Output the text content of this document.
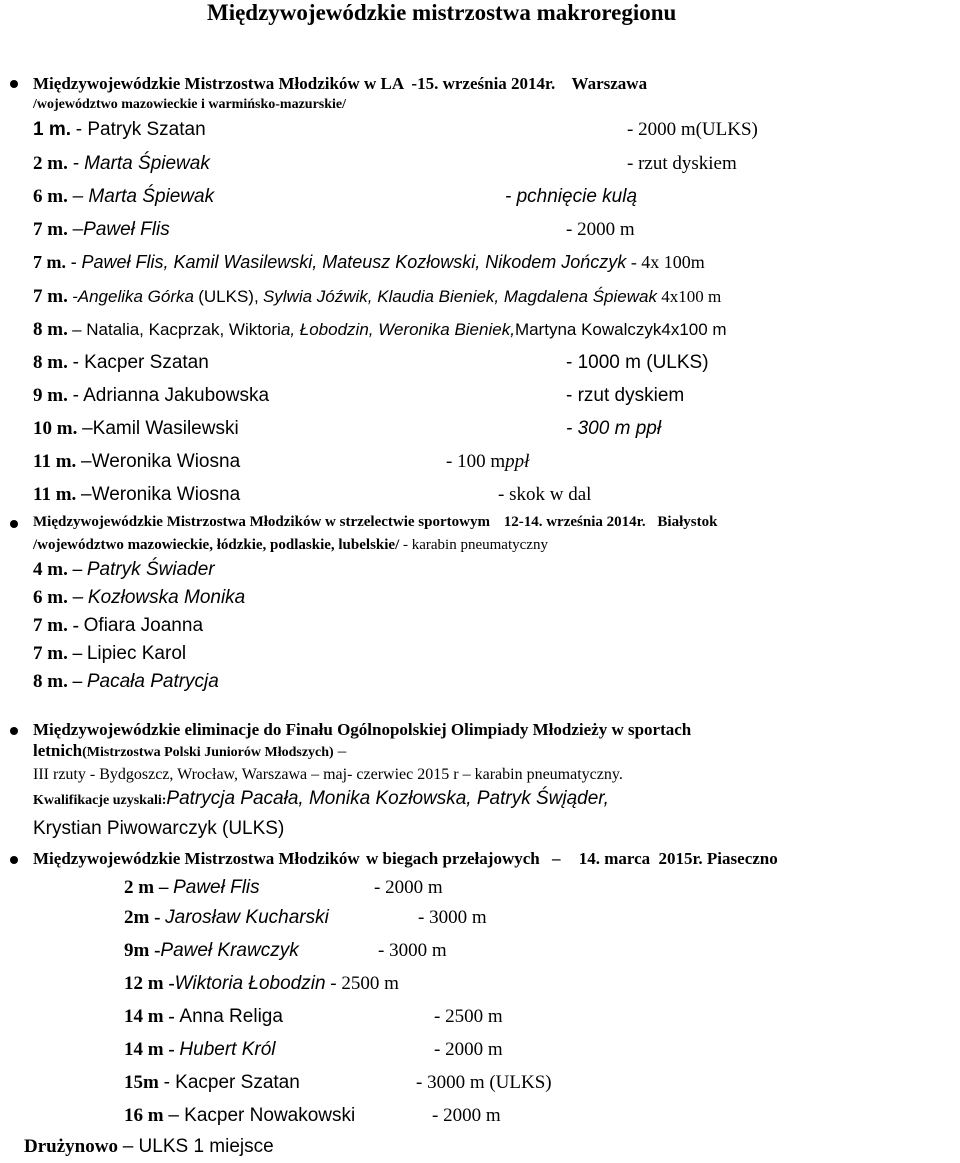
Międzywojewódzkie mistrzostwa makroregionu
Międzywojewódzkie Mistrzostwa Młodzików w LA -15. września 2014r. Warszawa
/województwo mazowieckie i warmińsko-mazurskie/
1 m. - Patryk Szatan	- 2000 m(ULKS)
2 m. - Marta Śpiewak	- rzut dyskiem
6 m. – Marta Śpiewak	- pchnięcie kulą
7 m. –Paweł Flis	- 2000 m
7 m. - Paweł Flis, Kamil Wasilewski, Mateusz Kozłowski, Nikodem Jończyk - 4x 100m
7 m. -Angelika Górka (ULKS), Sylwia Jóźwik, Klaudia Bieniek, Magdalena Śpiewak 4x100 m
8 m. – Natalia, Kacprzak, Wiktoria, Łobodzin, Weronika Bieniek,Martyna Kowalczyk4x100 m
8 m. - Kacper Szatan	- 1000 m (ULKS)
9 m. - Adrianna Jakubowska	- rzut dyskiem
10 m. –Kamil Wasilewski	- 300 m ppł
11 m. –Weronika Wiosna	- 100 mppł
11 m. –Weronika Wiosna	- skok w dal
Międzywojewódzkie Mistrzostwa Młodzików w strzelectwie sportowym 12-14. września 2014r. Białystok
/województwo mazowieckie, łódzkie, podlaskie, lubelskie/ - karabin pneumatyczny
4 m. – Patryk Świader
6 m. – Kozłowska Monika
7 m. - Ofiara Joanna
7 m. – Lipiec Karol
8 m. – Pacała Patrycja
Międzywojewódzkie eliminacje do Finału Ogólnopolskiej Olimpiady Młodzieży w sportach
letnich(Mistrzostwa Polski Juniorów Młodszych) –
III rzuty - Bydgoszcz, Wrocław, Warszawa – maj- czerwiec 2015 r – karabin pneumatyczny.
Kwalifikacje uzyskali:Patrycja Pacała, Monika Kozłowska, Patryk Śwįąder,
Krystian Piwowarczyk (ULKS)
Międzywojewódzkie Mistrzostwa Młodzików w biegach przełajowych – 14. marca 2015r. Piaseczno
2 m – Paweł Flis	- 2000 m
2m - Jarosław Kucharski	- 3000 m
9m -Paweł Krawczyk	- 3000 m
12 m -Wiktoria Łobodzin - 2500 m
14 m - Anna Religa	- 2500 m
14 m - Hubert Król	- 2000 m
15m - Kacper Szatan	- 3000 m (ULKS)
16 m – Kacper Nowakowski	- 2000 m
Drużynowo – ULKS 1 miejsce
